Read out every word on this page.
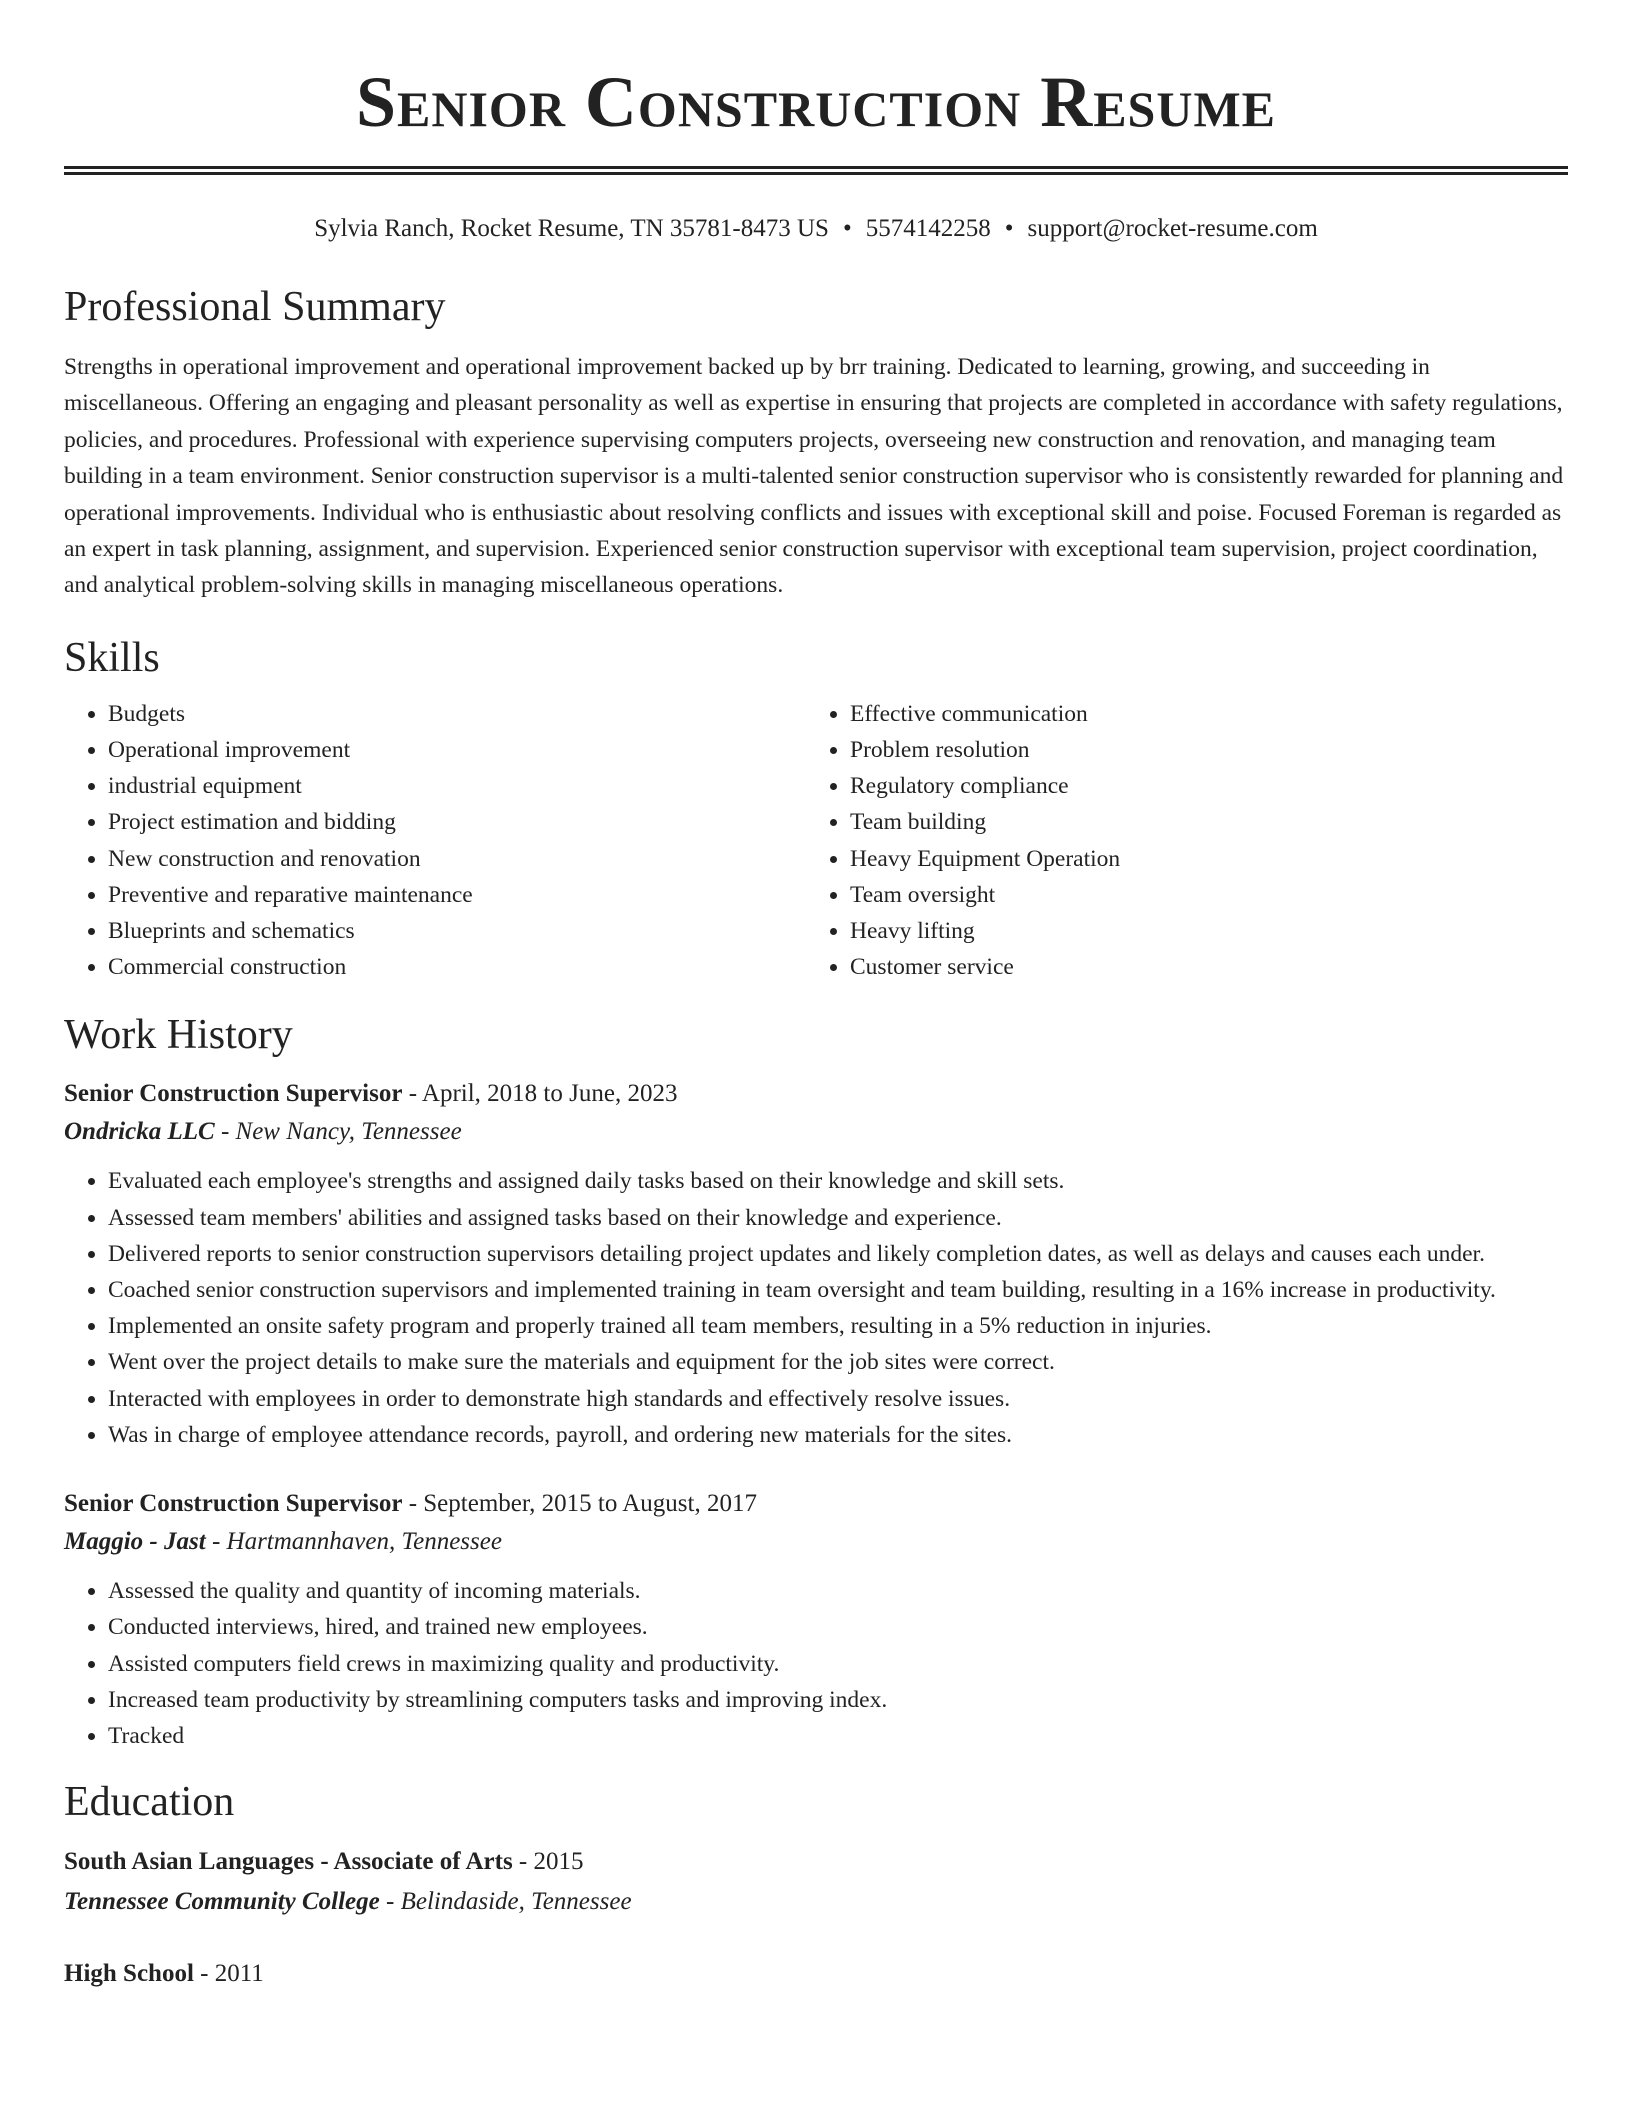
Senior Construction Resume
Sylvia Ranch, Rocket Resume, TN 35781-8473 US • 5574142258 • support@rocket-resume.com
Professional Summary

Strengths in operational improvement and operational improvement backed up by brr training. Dedicated to learning, growing, and succeeding in miscellaneous. Offering an engaging and pleasant personality as well as expertise in ensuring that projects are completed in accordance with safety regulations, policies, and procedures. Professional with experience supervising computers projects, overseeing new construction and renovation, and managing team building in a team environment. Senior construction supervisor is a multi-talented senior construction supervisor who is consistently rewarded for planning and operational improvements. Individual who is enthusiastic about resolving conflicts and issues with exceptional skill and poise. Focused Foreman is regarded as an expert in task planning, assignment, and supervision. Experienced senior construction supervisor with exceptional team supervision, project coordination, and analytical problem-solving skills in managing miscellaneous operations.

Skills
• Budgets
• Operational improvement
• industrial equipment
• Project estimation and bidding
• New construction and renovation
• Preventive and reparative maintenance
• Blueprints and schematics
• Commercial construction
• Effective communication
• Problem resolution
• Regulatory compliance
• Team building
• Heavy Equipment Operation
• Team oversight
• Heavy lifting
• Customer service
Work History
Senior Construction Supervisor - April, 2018 to June, 2023
Ondricka LLC - New Nancy, Tennessee
• Evaluated each employee's strengths and assigned daily tasks based on their knowledge and skill sets.
• Assessed team members' abilities and assigned tasks based on their knowledge and experience.
• Delivered reports to senior construction supervisors detailing project updates and likely completion dates, as well as delays and causes each under.
• Coached senior construction supervisors and implemented training in team oversight and team building, resulting in a 16% increase in productivity.
• Implemented an onsite safety program and properly trained all team members, resulting in a 5% reduction in injuries.
• Went over the project details to make sure the materials and equipment for the job sites were correct.
• Interacted with employees in order to demonstrate high standards and effectively resolve issues.
• Was in charge of employee attendance records, payroll, and ordering new materials for the sites.
Senior Construction Supervisor - September, 2015 to August, 2017
Maggio - Jast - Hartmannhaven, Tennessee
• Assessed the quality and quantity of incoming materials.
• Conducted interviews, hired, and trained new employees.
• Assisted computers field crews in maximizing quality and productivity.
• Increased team productivity by streamlining computers tasks and improving index.
• Tracked
Education
South Asian Languages - Associate of Arts - 2015
Tennessee Community College - Belindaside, Tennessee
High School - 2011
